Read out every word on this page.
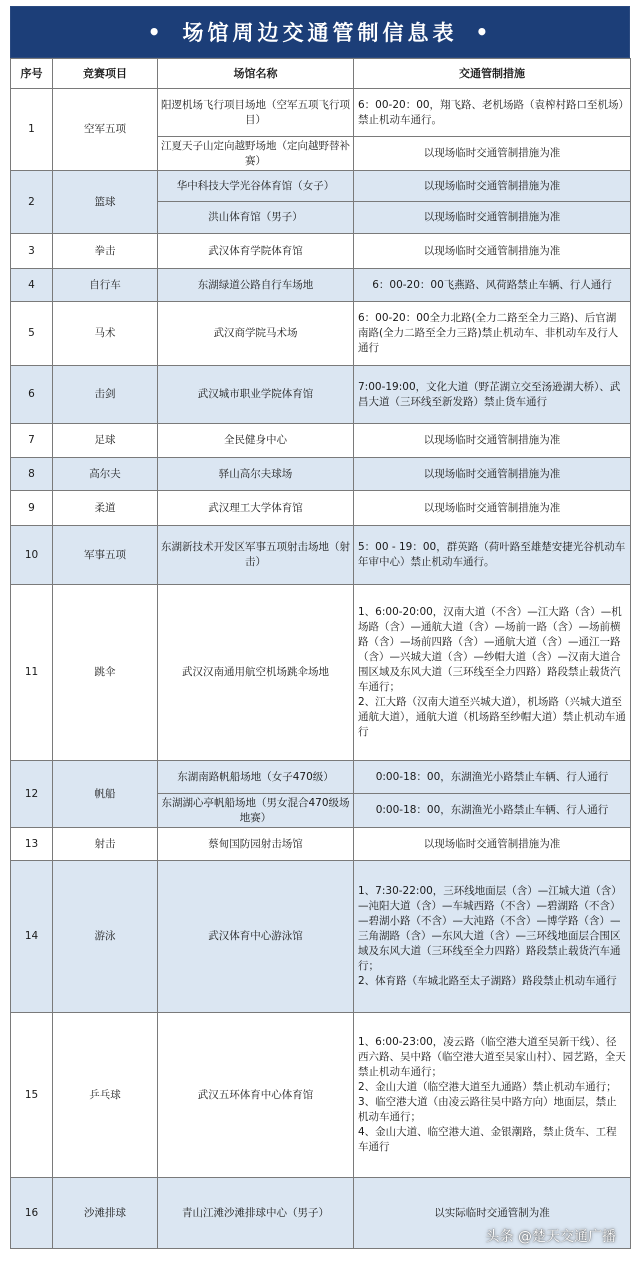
• 场馆周边交通管制信息表 •
序号	竞赛项目	场馆名称	交通管制措施
1	空军五项	阳逻机场飞行项目场地（空军五项飞行项目）	6：00-20：00，翔飞路、老机场路（袁榨村路口至机场）禁止机动车通行。
		江夏天子山定向越野场地（定向越野替补赛）	以现场临时交通管制措施为准
2	篮球	华中科技大学光谷体育馆（女子）	以现场临时交通管制措施为准
		洪山体育馆（男子）	以现场临时交通管制措施为准
3	拳击	武汉体育学院体育馆	以现场临时交通管制措施为准
4	自行车	东湖绿道公路自行车场地	6：00-20：00飞燕路、风荷路禁止车辆、行人通行
5	马术	武汉商学院马术场	6：00-20：00全力北路(全力二路至全力三路)、后官湖南路(全力二路至全力三路)禁止机动车、非机动车及行人通行
6	击剑	武汉城市职业学院体育馆	7:00-19:00，文化大道（野芷湖立交至汤逊湖大桥）、武昌大道（三环线至新发路）禁止货车通行
7	足球	全民健身中心	以现场临时交通管制措施为准
8	高尔夫	驿山高尔夫球场	以现场临时交通管制措施为准
9	柔道	武汉理工大学体育馆	以现场临时交通管制措施为准
10	军事五项	东湖新技术开发区军事五项射击场地（射击）	5：00 - 19：00，群英路（荷叶路至雄楚安捷光谷机动车年审中心）禁止机动车通行。
11	跳伞	武汉汉南通用航空机场跳伞场地	1、6:00-20:00，汉南大道（不含）—江大路（含）—机场路（含）—通航大道（含）—场前一路（含）—场前横路（含）—场前四路（含）—通航大道（含）—通江一路（含）—兴城大道（含）—纱帽大道（含）—汉南大道合围区域及东风大道（三环线至全力四路）路段禁止载货汽车通行；
2、江大路（汉南大道至兴城大道），机场路（兴城大道至通航大道），通航大道（机场路至纱帽大道）禁止机动车通行
12	帆船	东湖南路帆船场地（女子470级）	0:00-18：00，东湖渔光小路禁止车辆、行人通行
		东湖湖心亭帆船场地（男女混合470级场地赛）	0:00-18：00，东湖渔光小路禁止车辆、行人通行
13	射击	蔡甸国防园射击场馆	以现场临时交通管制措施为准
14	游泳	武汉体育中心游泳馆	1、7:30-22:00，三环线地面层（含）—江城大道（含）—沌阳大道（含）—车城西路（不含）—碧湖路（不含）—碧湖小路（不含）—大沌路（不含）—博学路（含）—三角湖路（含）—东风大道（含）—三环线地面层合围区域及东风大道（三环线至全力四路）路段禁止载货汽车通行；
2、体育路（车城北路至太子湖路）路段禁止机动车通行
15	乒乓球	武汉五环体育中心体育馆	1、6:00-23:00，凌云路（临空港大道至吴新干线）、径西六路、吴中路（临空港大道至吴家山村）、园艺路，全天禁止机动车通行；
2、金山大道（临空港大道至九通路）禁止机动车通行；
3、临空港大道（由凌云路往吴中路方向）地面层，禁止机动车通行；
4、金山大道、临空港大道、金银潮路，禁止货车、工程车通行
16	沙滩排球	青山江滩沙滩排球中心（男子）	以实际临时交通管制为准
头条 @楚天交通广播
